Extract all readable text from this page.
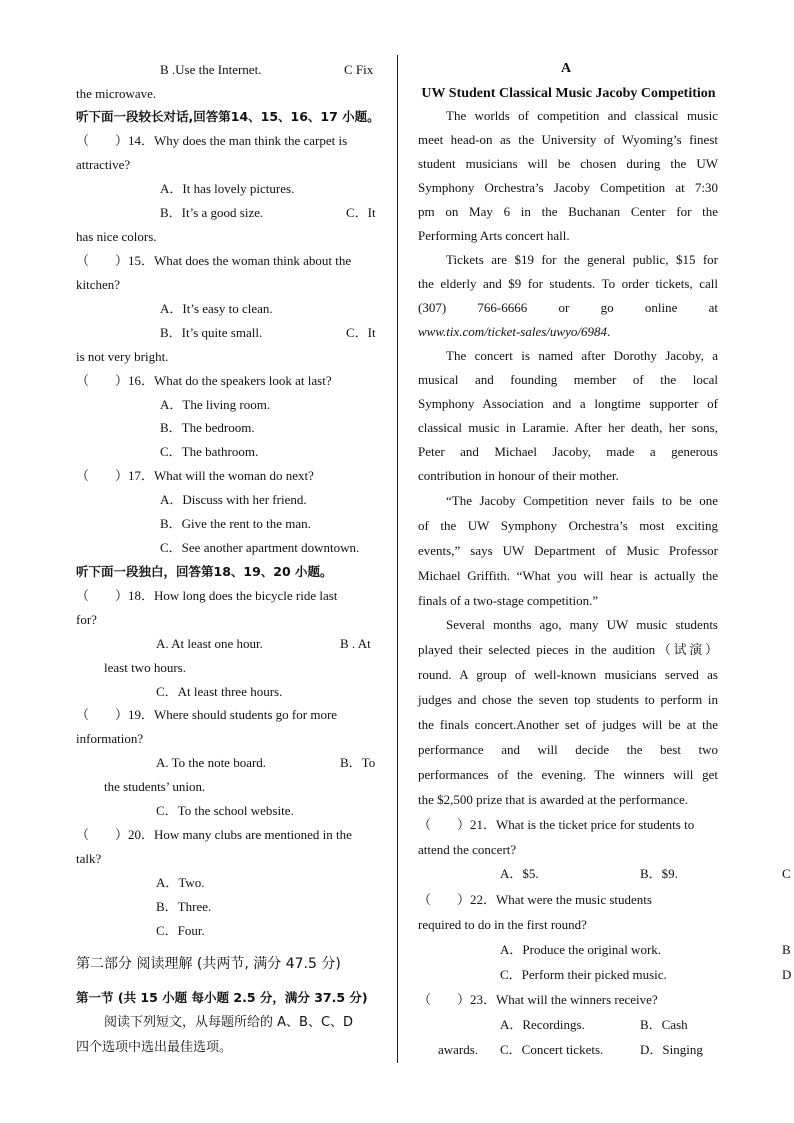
B .Use the Internet.	C Fix
the microwave.
听下面一段较长对话,回答第14、15、16、17 小题。
（　　）14．Why does the man think the carpet is
attractive?
A．It has lovely pictures.
B．It’s a good size.	C．It
has nice colors.
（　　）15．What does the woman think about the
kitchen?
A．It’s easy to clean.
B．It’s quite small.	C．It
is not very bright.
（　　）16．What do the speakers look at last?
A．The living room.
B．The bedroom.
C．The bathroom.
（　　）17．What will the woman do next?
A．Discuss with her friend.
B．Give the rent to the man.
C．See another apartment downtown.
听下面一段独白，回答第18、19、20 小题。
（　　）18．How long does the bicycle ride last
for?
A. At least one hour.	B . At
least two hours.
C．At least three hours.
（　　）19．Where should students go for more
information?
A. To the note board.	B．To
the students’ union.
C．To the school website.
（　　）20．How many clubs are mentioned in the
talk?
A．Two.
B．Three.
C．Four.
第二部分 阅读理解 (共两节, 满分 47.5 分)
第一节 (共 15 小题 每小题 2.5 分，满分 37.5 分)
阅读下列短文，从每题所给的 A、B、C、D
四个选项中选出最佳选项。
A
UW Student Classical Music Jacoby Competition
The worlds of competition and classical music
meet head-on as the University of Wyoming’s finest
student musicians will be chosen during the UW
Symphony Orchestra’s Jacoby Competition at 7:30
pm on May 6 in the Buchanan Center for the
Performing Arts concert hall.
Tickets are $19 for the general public, $15 for
the elderly and $9 for students. To order tickets, call
(307)    766-6666    or    go    online    at
www.tix.com/ticket-sales/uwyo/6984.
The concert is named after Dorothy Jacoby, a
musical and founding member of the local
Symphony Association and a longtime supporter of
classical music in Laramie. After her death, her sons,
Peter and Michael Jacoby, made a generous
contribution in honour of their mother.
“The Jacoby Competition never fails to be one
of the UW Symphony Orchestra’s most exciting
events,” says UW Department of Music Professor
Michael Griffith. “What you will hear is actually the
finals of a two-stage competition.”
Several months ago, many UW music students
played their selected pieces in the audition（试演）
round. A group of well-known musicians served as
judges and chose the seven top students to perform in
the finals concert.Another set of judges will be at the
performance and will decide the best two
performances of the evening. The winners will get
the $2,500 prize that is awarded at the performance.
（　　）21．What is the ticket price for students to
attend the concert?
A．$5.	B．$9.	C
（　　）22．What were the music students
required to do in the first round?
A．Produce the original work.	B
C．Perform their picked music.	D
（　　）23．What will the winners receive?
A．Recordings.	B．Cash
awards. C．Concert tickets.	D．Singing
